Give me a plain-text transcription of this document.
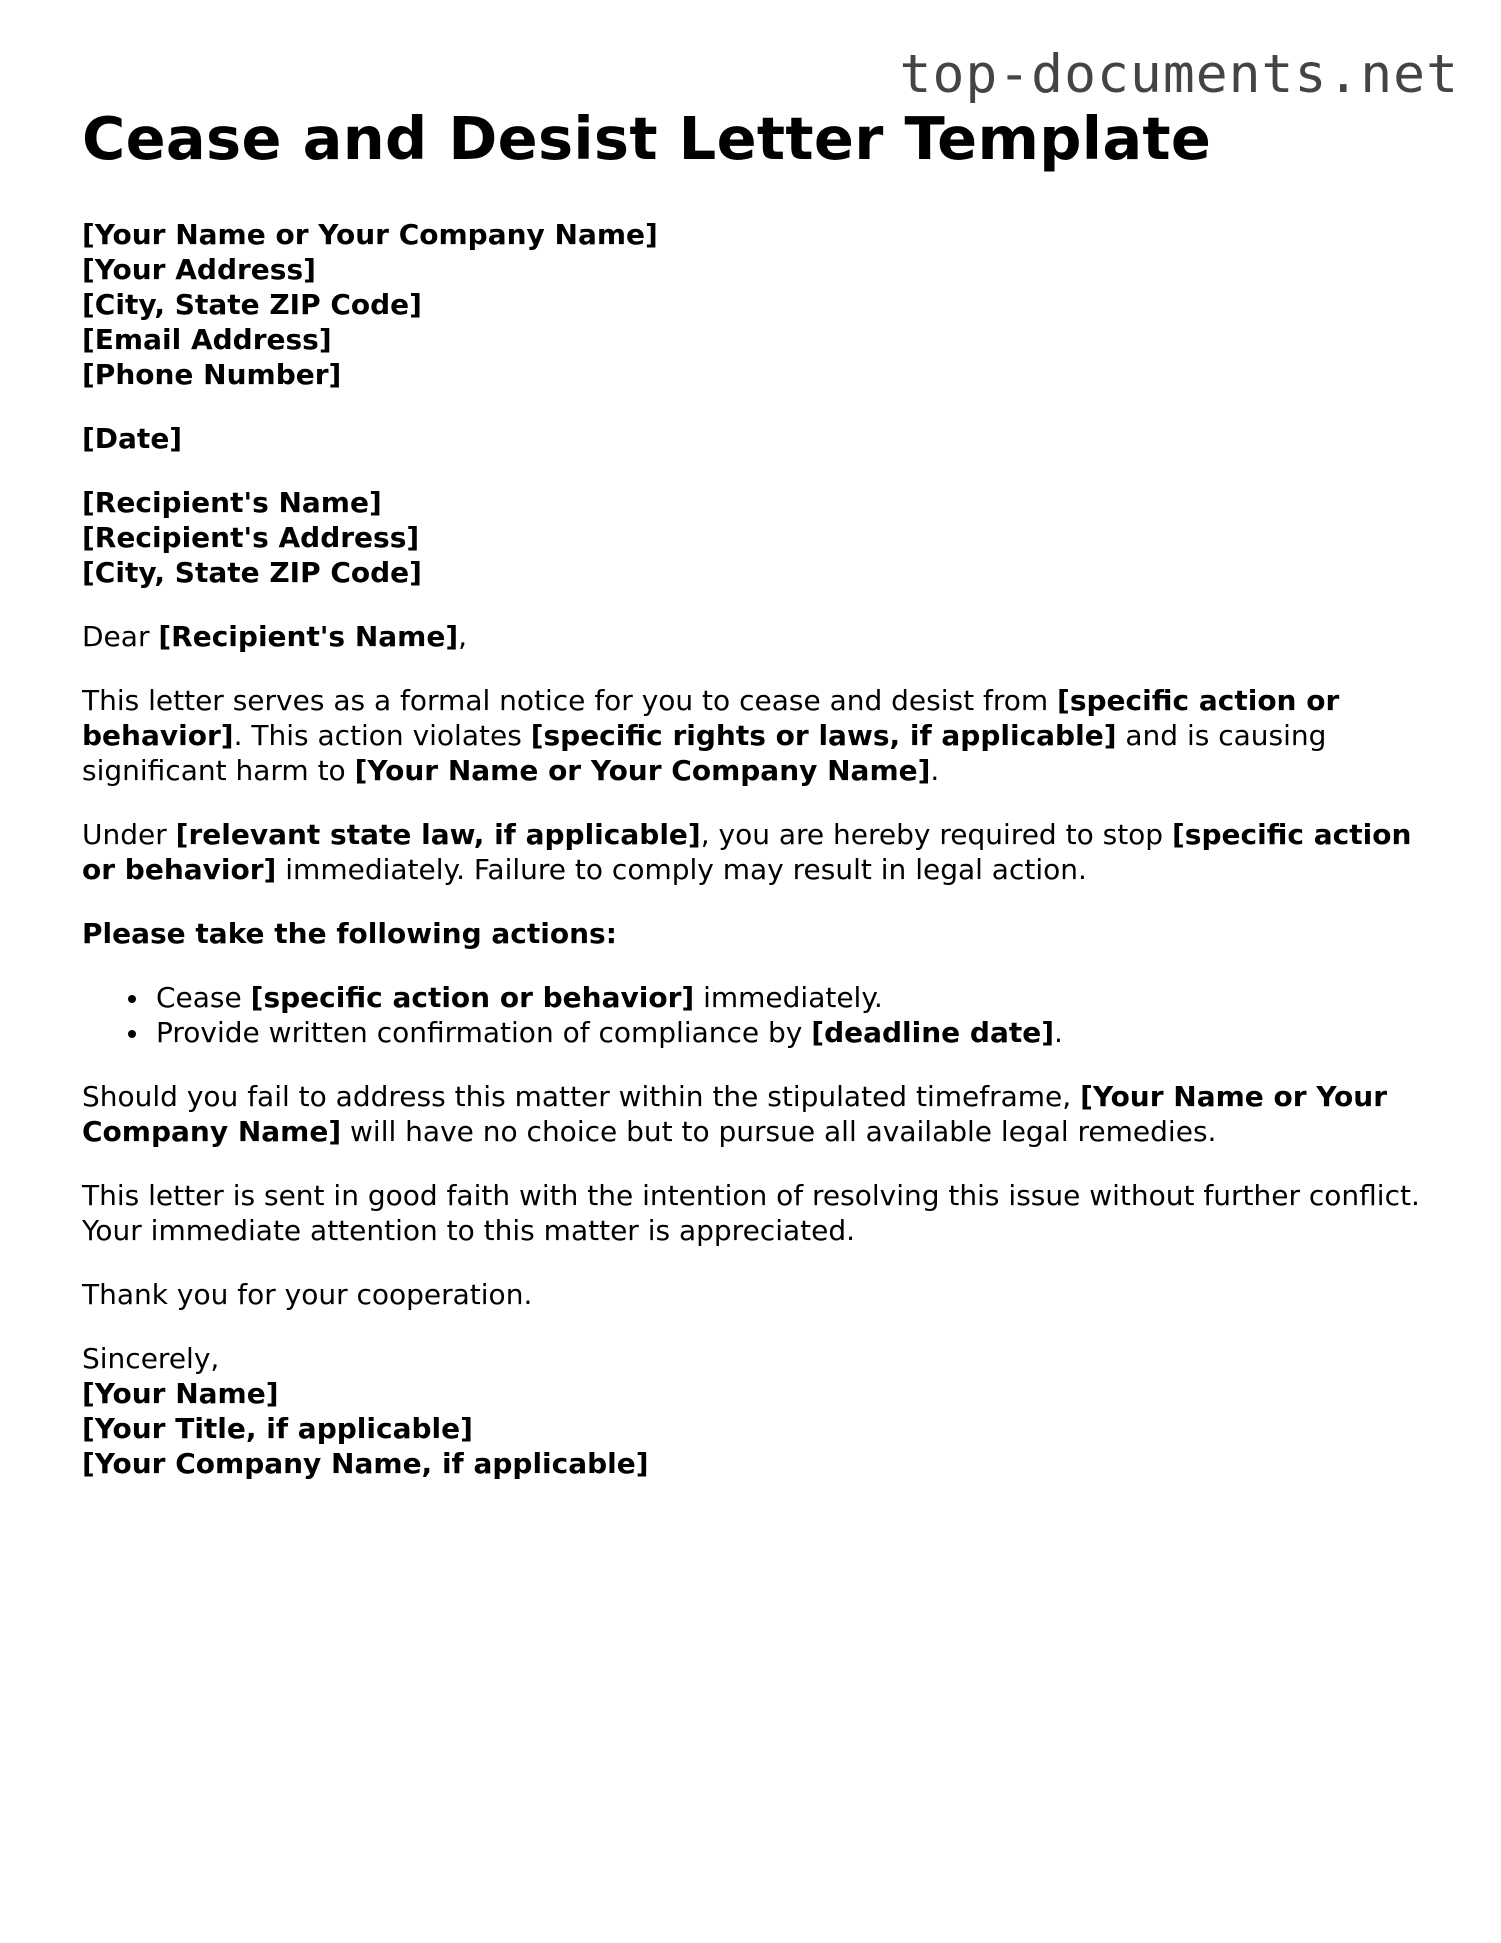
top-documents.net
Cease and Desist Letter Template

[Your Name or Your Company Name]
[Your Address]
[City, State ZIP Code]
[Email Address]
[Phone Number]

[Date]

[Recipient's Name]
[Recipient's Address]
[City, State ZIP Code]

Dear [Recipient's Name],

This letter serves as a formal notice for you to cease and desist from [specific action or behavior]. This action violates [specific rights or laws, if applicable] and is causing significant harm to [Your Name or Your Company Name].

Under [relevant state law, if applicable], you are hereby required to stop [specific action or behavior] immediately. Failure to comply may result in legal action.

Please take the following actions:

Cease [specific action or behavior] immediately.
Provide written confirmation of compliance by [deadline date].

Should you fail to address this matter within the stipulated timeframe, [Your Name or Your Company Name] will have no choice but to pursue all available legal remedies.

This letter is sent in good faith with the intention of resolving this issue without further conflict. Your immediate attention to this matter is appreciated.

Thank you for your cooperation.

Sincerely,
[Your Name]
[Your Title, if applicable]
[Your Company Name, if applicable]
